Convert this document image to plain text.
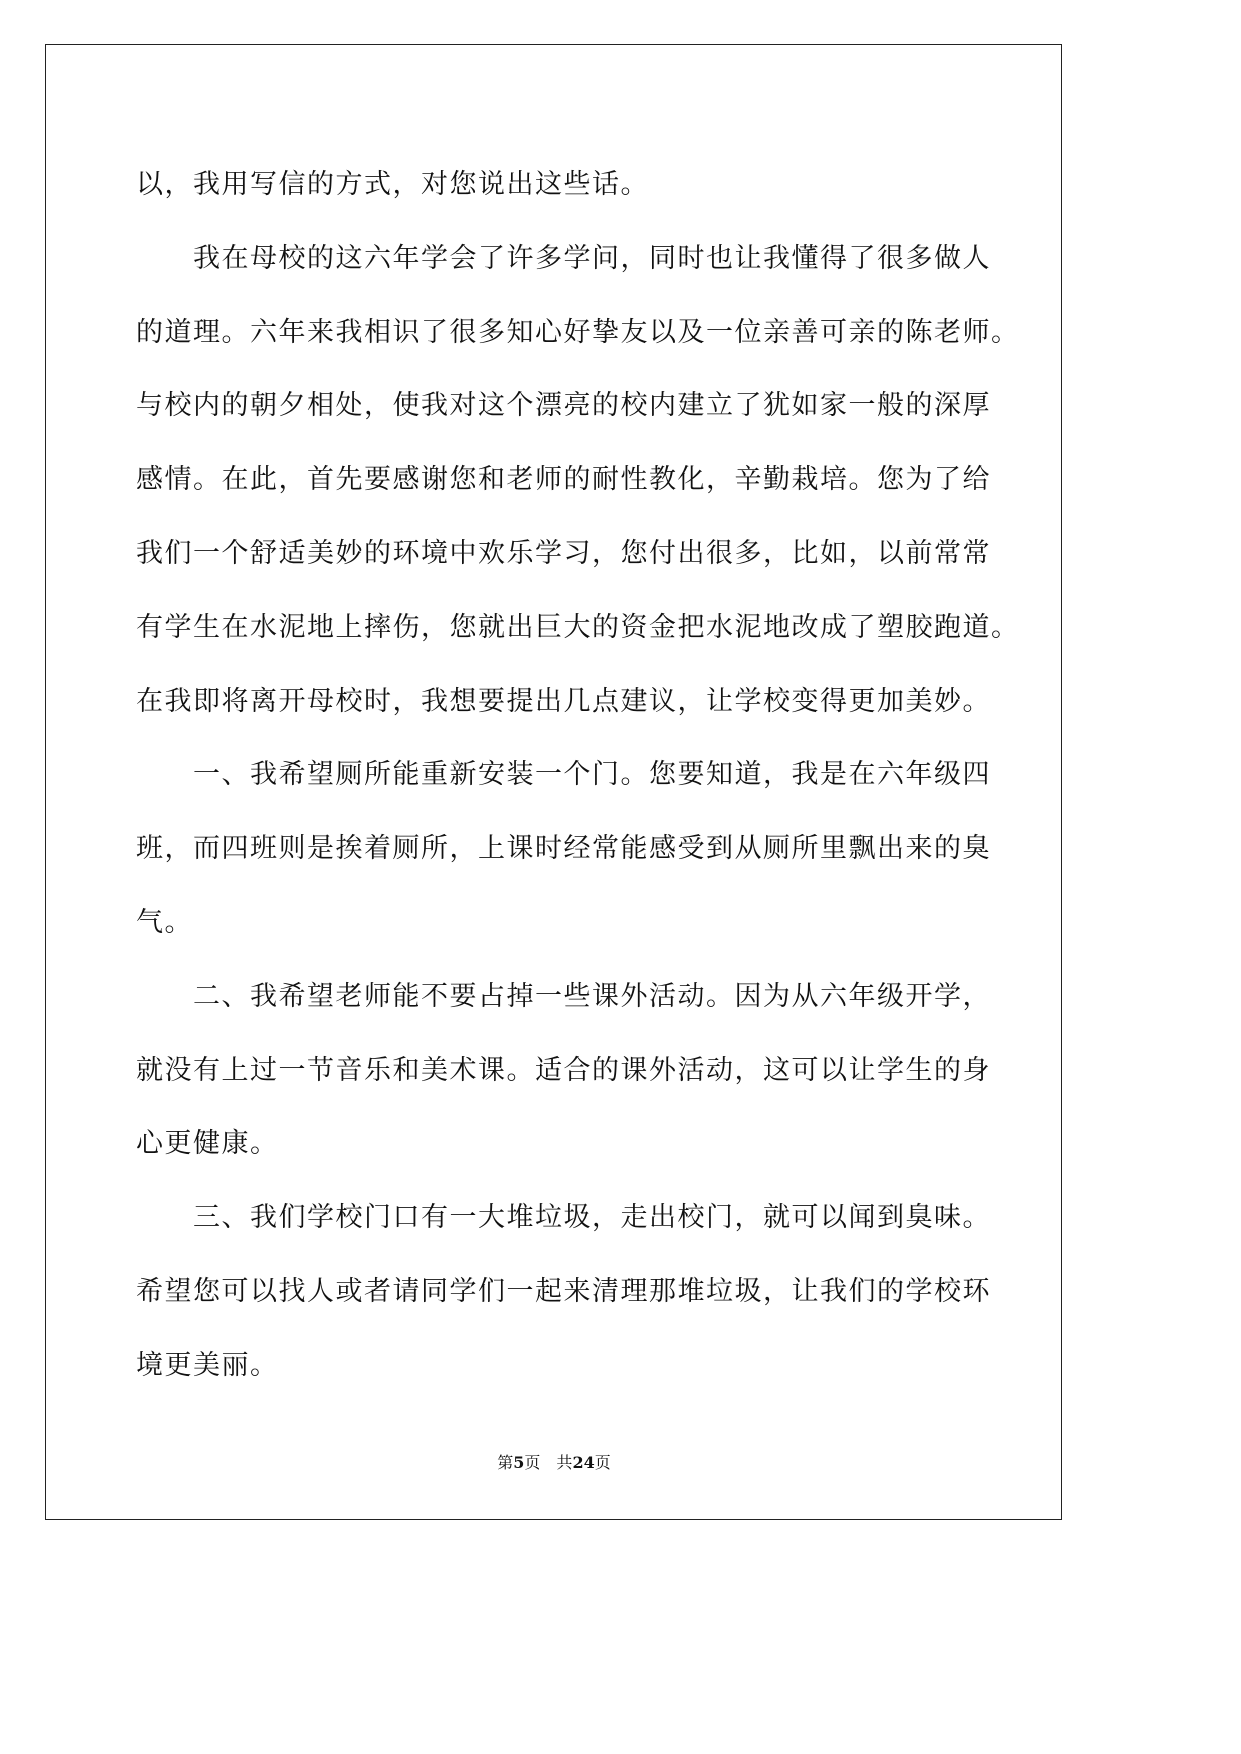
以，我用写信的方式，对您说出这些话。
我在母校的这六年学会了许多学问，同时也让我懂得了很多做人
的道理。六年来我相识了很多知心好挚友以及一位亲善可亲的陈老师。
与校内的朝夕相处，使我对这个漂亮的校内建立了犹如家一般的深厚
感情。在此，首先要感谢您和老师的耐性教化，辛勤栽培。您为了给
我们一个舒适美妙的环境中欢乐学习，您付出很多，比如，以前常常
有学生在水泥地上摔伤，您就出巨大的资金把水泥地改成了塑胶跑道。
在我即将离开母校时，我想要提出几点建议，让学校变得更加美妙。
一、我希望厕所能重新安装一个门。您要知道，我是在六年级四
班，而四班则是挨着厕所，上课时经常能感受到从厕所里飘出来的臭
气。
二、我希望老师能不要占掉一些课外活动。因为从六年级开学，
就没有上过一节音乐和美术课。适合的课外活动，这可以让学生的身
心更健康。
三、我们学校门口有一大堆垃圾，走出校门，就可以闻到臭味。
希望您可以找人或者请同学们一起来清理那堆垃圾，让我们的学校环
境更美丽。
第5页　共24页
